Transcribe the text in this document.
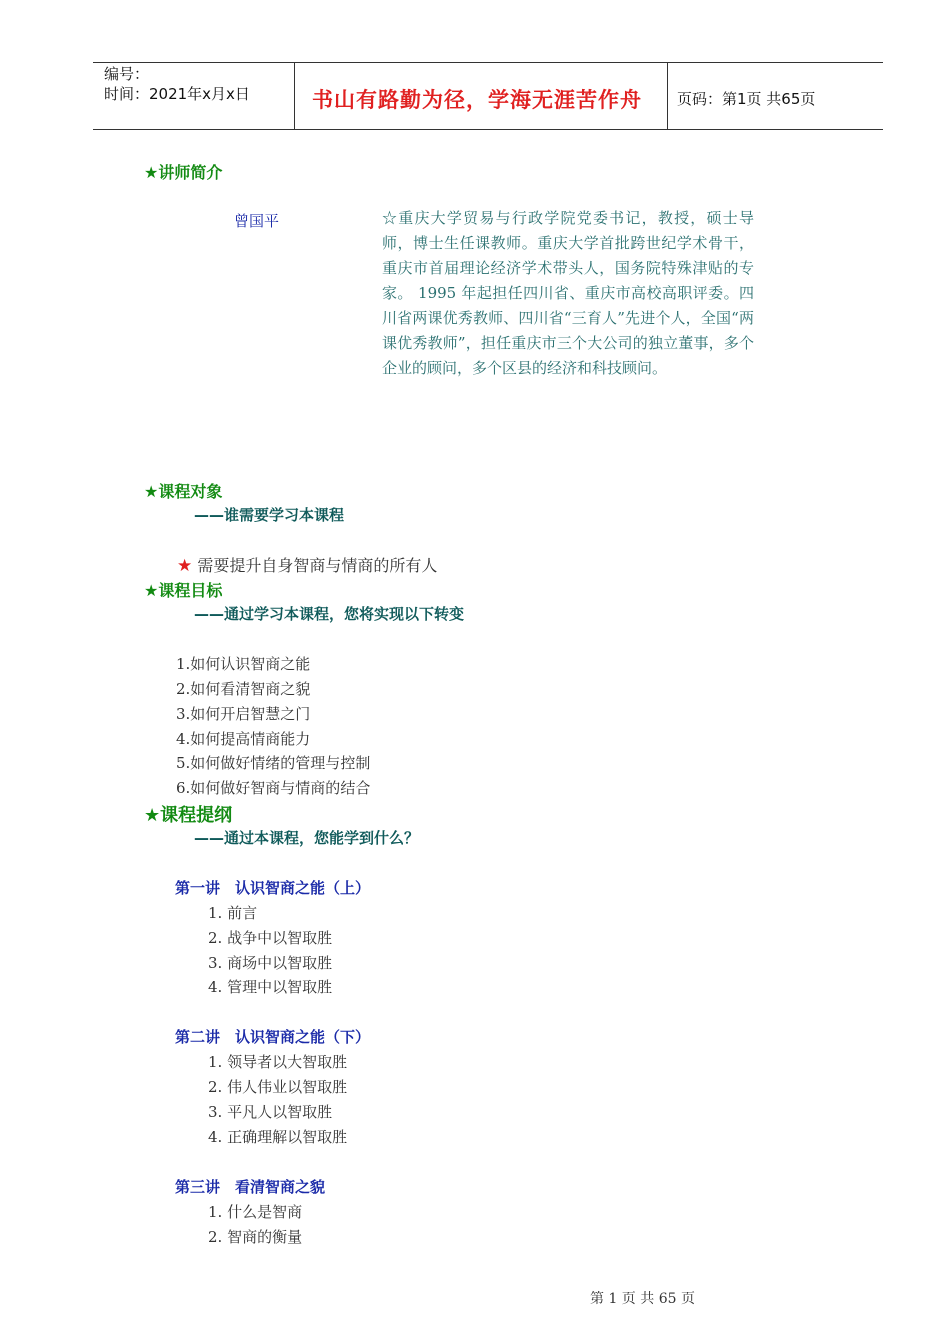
编号：
时间：2021年x月x日	书山有路勤为径，学海无涯苦作舟 页码：第1页 共65页
★讲师简介
曾国平	☆重庆大学贸易与行政学院党委书记，教授，硕士导师，博士生任课教师。重庆大学首批跨世纪学术骨干，重庆市首届理论经济学术带头人，国务院特殊津贴的专家。 1995 年起担任四川省、重庆市高校高职评委。四川省两课优秀教师、四川省“三育人”先进个人，全国“两课优秀教师”，担任重庆市三个大公司的独立董事，多个企业的顾问，多个区县的经济和科技顾问。
★课程对象
——谁需要学习本课程
★ 需要提升自身智商与情商的所有人
★课程目标
——通过学习本课程，您将实现以下转变
1.如何认识智商之能
2.如何看清智商之貌
3.如何开启智慧之门
4.如何提高情商能力
5.如何做好情绪的管理与控制
6.如何做好智商与情商的结合
★课程提纲
——通过本课程，您能学到什么？
第一讲　认识智商之能（上）
1. 前言
2. 战争中以智取胜
3. 商场中以智取胜
4. 管理中以智取胜
第二讲　认识智商之能（下）
1. 领导者以大智取胜
2. 伟人伟业以智取胜
3. 平凡人以智取胜
4. 正确理解以智取胜
第三讲　看清智商之貌
1. 什么是智商
2. 智商的衡量
第 1 页 共 65 页
